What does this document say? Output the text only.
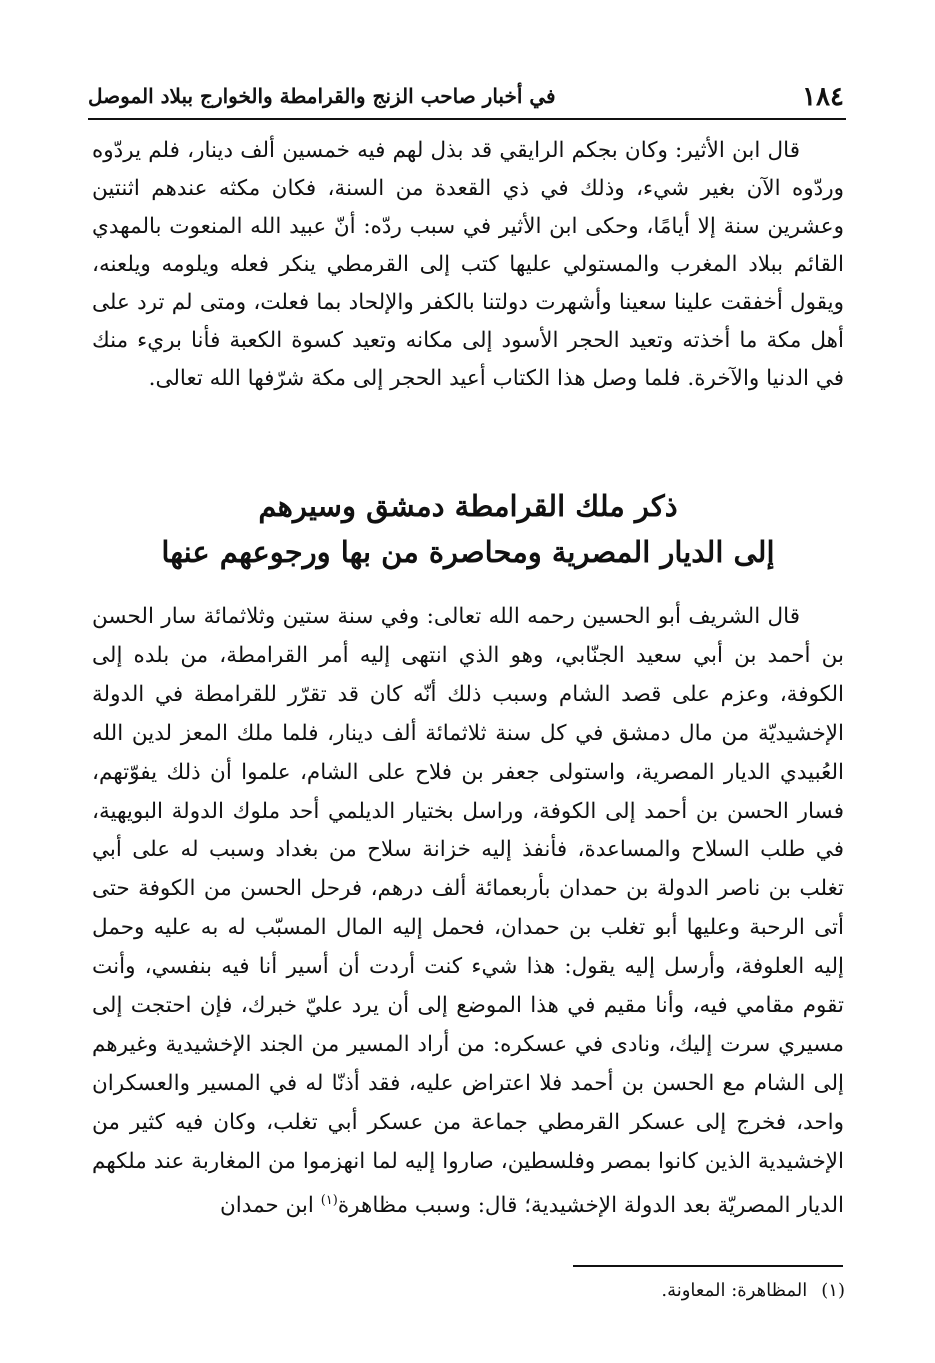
١٨٤
في أخبار صاحب الزنج والقرامطة والخوارج ببلاد الموصل

قال ابن الأثير: وكان بجكم الرايقي قد بذل لهم فيه خمسين ألف دينار، فلم يردّوه وردّوه الآن بغير شيء، وذلك في ذي القعدة من السنة، فكان مكثه عندهم اثنتين وعشرين سنة إلا أيامًا، وحكى ابن الأثير في سبب ردّه: أنّ عبيد الله المنعوت بالمهدي القائم ببلاد المغرب والمستولي عليها كتب إلى القرمطي ينكر فعله ويلومه ويلعنه، ويقول أخفقت علينا سعينا وأشهرت دولتنا بالكفر والإلحاد بما فعلت، ومتى لم ترد على أهل مكة ما أخذته وتعيد الحجر الأسود إلى مكانه وتعيد كسوة الكعبة فأنا بريء منك في الدنيا والآخرة. فلما وصل هذا الكتاب أعيد الحجر إلى مكة شرّفها الله تعالى.

ذكر ملك القرامطة دمشق وسيرهم
إلى الديار المصرية ومحاصرة من بها ورجوعهم عنها

قال الشريف أبو الحسين رحمه الله تعالى: وفي سنة ستين وثلاثمائة سار الحسن بن أحمد بن أبي سعيد الجنّابي، وهو الذي انتهى إليه أمر القرامطة، من بلده إلى الكوفة، وعزم على قصد الشام وسبب ذلك أنّه كان قد تقرّر للقرامطة في الدولة الإخشيديّة من مال دمشق في كل سنة ثلاثمائة ألف دينار، فلما ملك المعز لدين الله العُبيدي الديار المصرية، واستولى جعفر بن فلاح على الشام، علموا أن ذلك يفوّتهم، فسار الحسن بن أحمد إلى الكوفة، وراسل بختيار الديلمي أحد ملوك الدولة البويهية، في طلب السلاح والمساعدة، فأنفذ إليه خزانة سلاح من بغداد وسبب له على أبي تغلب بن ناصر الدولة بن حمدان بأربعمائة ألف درهم، فرحل الحسن من الكوفة حتى أتى الرحبة وعليها أبو تغلب بن حمدان، فحمل إليه المال المسبّب له به عليه وحمل إليه العلوفة، وأرسل إليه يقول: هذا شيء كنت أردت أن أسير أنا فيه بنفسي، وأنت تقوم مقامي فيه، وأنا مقيم في هذا الموضع إلى أن يرد عليّ خبرك، فإن احتجت إلى مسيري سرت إليك، ونادى في عسكره: من أراد المسير من الجند الإخشيدية وغيرهم إلى الشام مع الحسن بن أحمد فلا اعتراض عليه، فقد أذنّا له في المسير والعسكران واحد، فخرج إلى عسكر القرمطي جماعة من عسكر أبي تغلب، وكان فيه كثير من الإخشيدية الذين كانوا بمصر وفلسطين، صاروا إليه لما انهزموا من المغاربة عند ملكهم الديار المصريّة بعد الدولة الإخشيدية؛ قال: وسبب مظاهرة$^{(١)}$ ابن حمدان

(١)المظاهرة: المعاونة.
